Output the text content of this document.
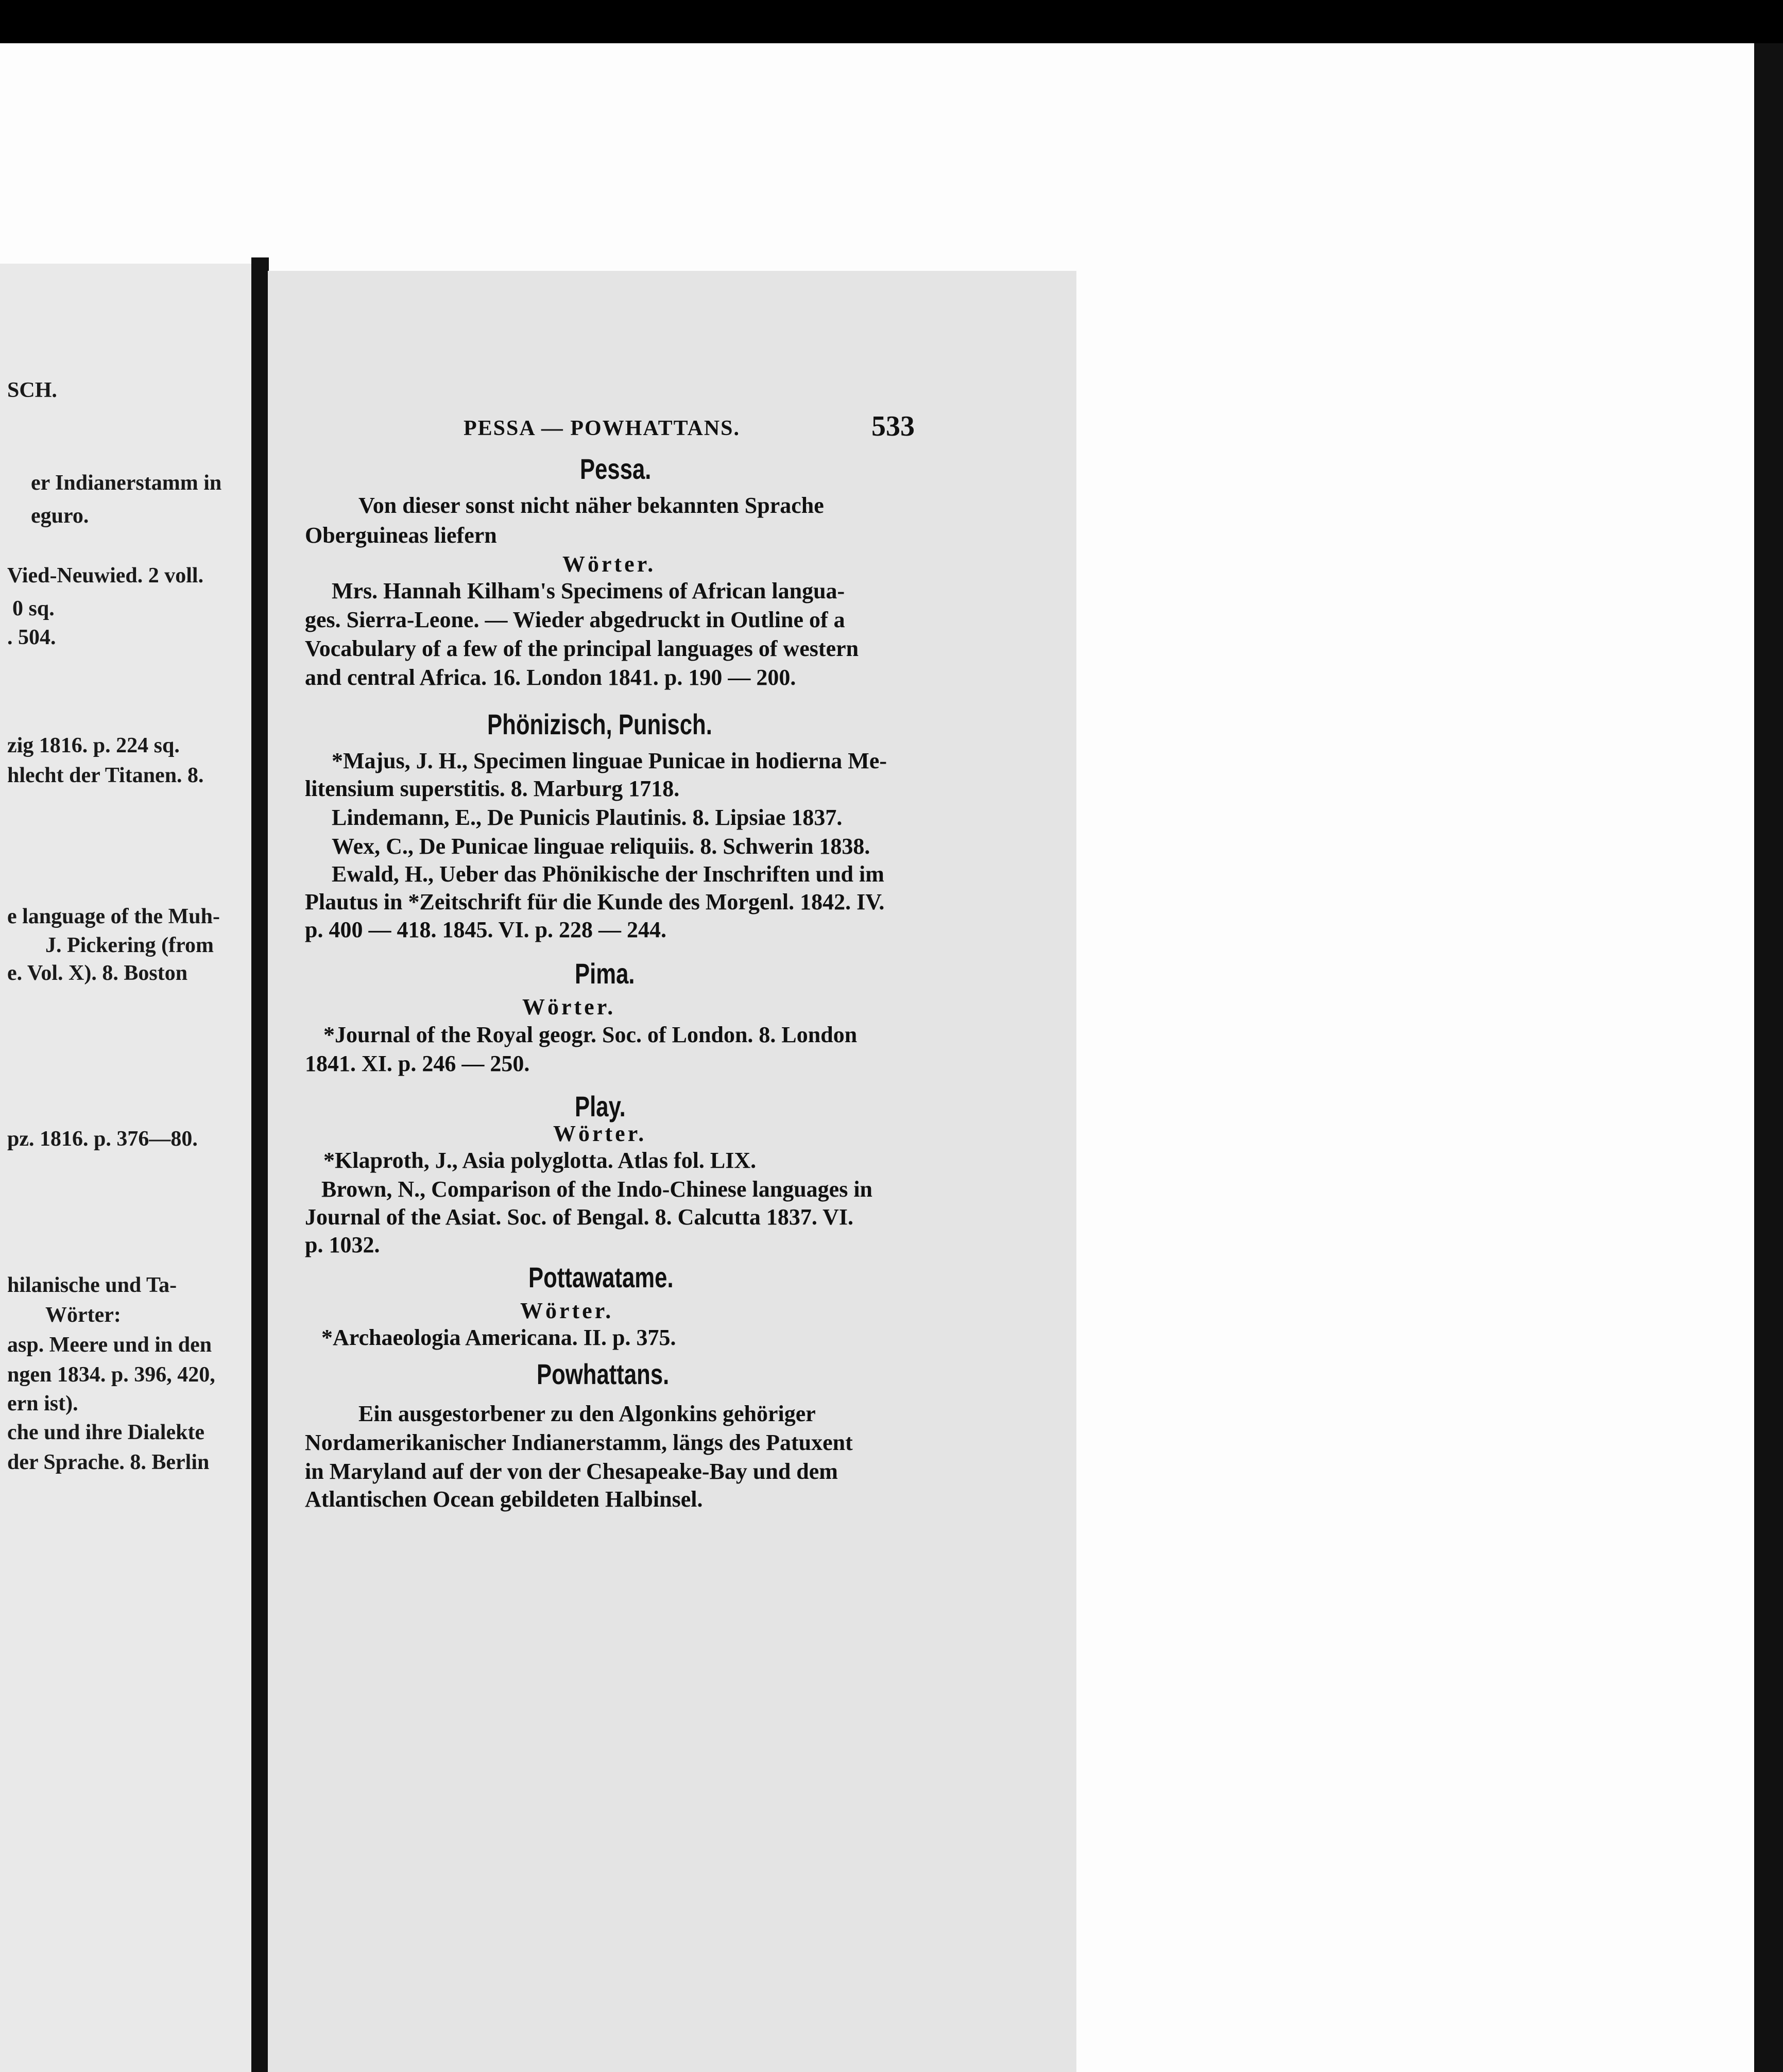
SCH.
er Indianerstamm in
eguro.
Vied-Neuwied. 2 voll.
0 sq.
. 504.
zig 1816. p. 224 sq.
hlecht der Titanen. 8.
e language of the Muh-
J. Pickering (from
e. Vol. X). 8. Boston
pz. 1816. p. 376—80.
hilanische und Ta-
Wörter:
asp. Meere und in den
ngen 1834. p. 396, 420,
ern ist).
che und ihre Dialekte
der Sprache. 8. Berlin

PESSA — POWHATTANS.	533
Pessa.
Von dieser sonst nicht näher bekannten Sprache
Oberguineas liefern
Wörter.
Mrs. Hannah Kilham's Specimens of African langua-
ges. Sierra-Leone. — Wieder abgedruckt in Outline of a
Vocabulary of a few of the principal languages of western
and central Africa. 16. London 1841. p. 190 — 200.
Phönizisch, Punisch.
*Majus, J. H., Specimen linguae Punicae in hodierna Me-
litensium superstitis. 8. Marburg 1718.
Lindemann, E., De Punicis Plautinis. 8. Lipsiae 1837.
Wex, C., De Punicae linguae reliquiis. 8. Schwerin 1838.
Ewald, H., Ueber das Phönikische der Inschriften und im
Plautus in *Zeitschrift für die Kunde des Morgenl. 1842. IV.
p. 400 — 418. 1845. VI. p. 228 — 244.
Pima.
Wörter.
*Journal of the Royal geogr. Soc. of London. 8. London
1841. XI. p. 246 — 250.
Play.
Wörter.
*Klaproth, J., Asia polyglotta. Atlas fol. LIX.
Brown, N., Comparison of the Indo-Chinese languages in
Journal of the Asiat. Soc. of Bengal. 8. Calcutta 1837. VI.
p. 1032.
Pottawatame.
Wörter.
*Archaeologia Americana. II. p. 375.
Powhattans.
Ein ausgestorbener zu den Algonkins gehöriger
Nordamerikanischer Indianerstamm, längs des Patuxent
in Maryland auf der von der Chesapeake-Bay und dem
Atlantischen Ocean gebildeten Halbinsel.
